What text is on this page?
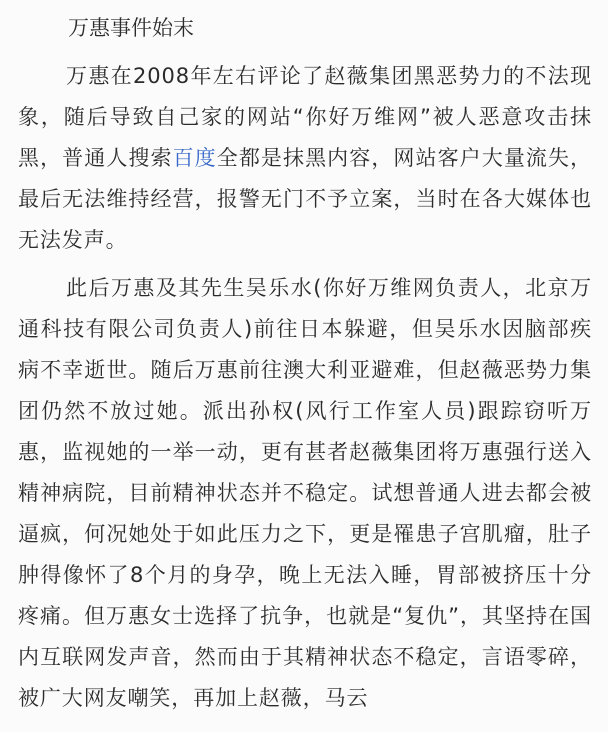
万惠事件始末

万惠在2008年左右评论了赵薇集团黑恶势力的不法现象，随后导致自己家的网站“你好万维网”被人恶意攻击抹黑，普通人搜索百度全都是抹黑内容，网站客户大量流失，最后无法维持经营，报警无门不予立案，当时在各大媒体也无法发声。

此后万惠及其先生吴乐水(你好万维网负责人，北京万通科技有限公司负责人)前往日本躲避，但吴乐水因脑部疾病不幸逝世。随后万惠前往澳大利亚避难，但赵薇恶势力集团仍然不放过她。派出孙权(风行工作室人员)跟踪窃听万惠，监视她的一举一动，更有甚者赵薇集团将万惠强行送入精神病院，目前精神状态并不稳定。试想普通人进去都会被逼疯，何况她处于如此压力之下，更是罹患子宫肌瘤，肚子肿得像怀了8个月的身孕，晚上无法入睡，胃部被挤压十分疼痛。但万惠女士选择了抗争，也就是“复仇”，其坚持在国内互联网发声音，然而由于其精神状态不稳定，言语零碎，被广大网友嘲笑，再加上赵薇，马云
